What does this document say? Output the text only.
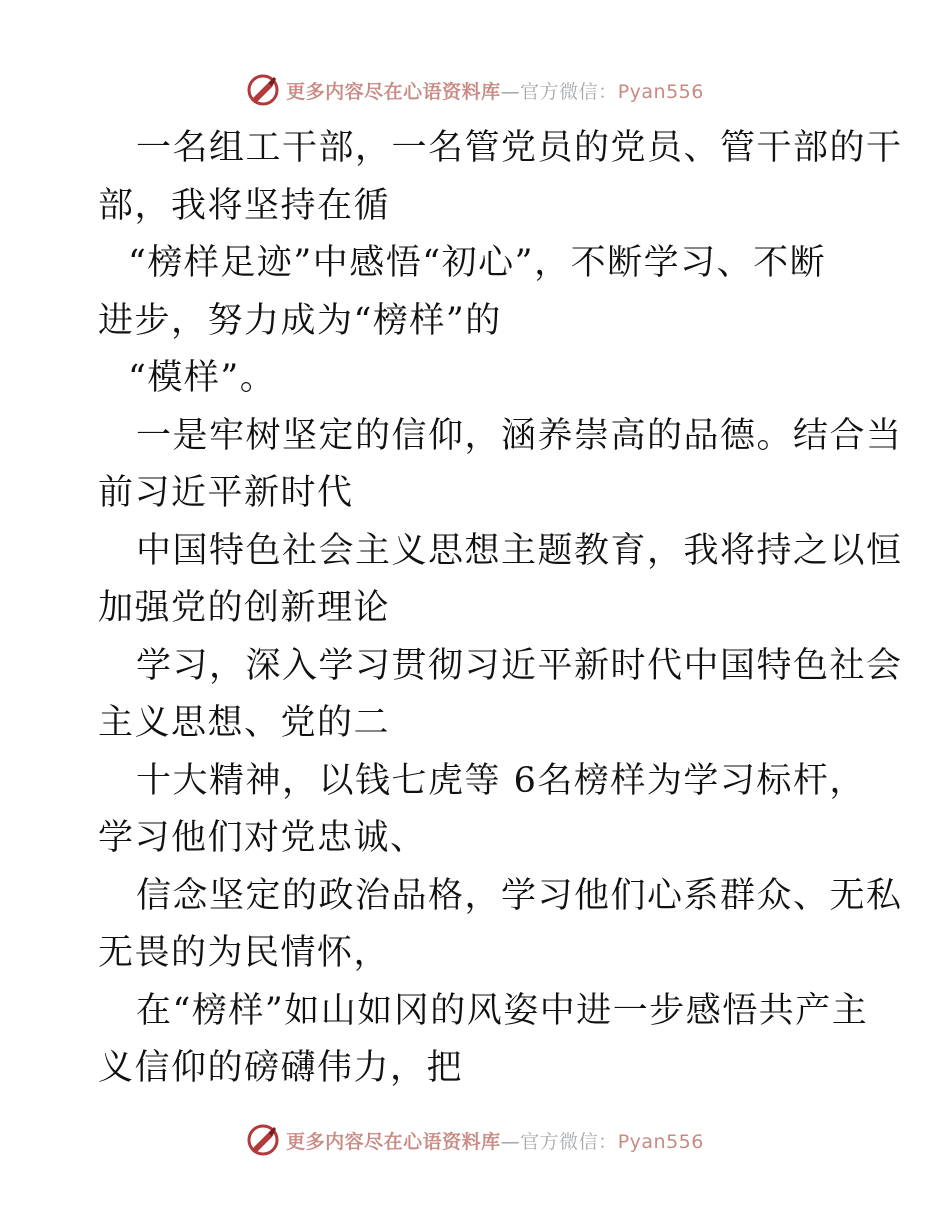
更多内容尽在心语资料库—官方微信：Pyan556
一名组工干部，一名管党员的党员、管干部的干
部，我将坚持在循
“榜样足迹”中感悟“初心”，不断学习、不断
进步，努力成为“榜样”的
“模样”。
一是牢树坚定的信仰，涵养崇高的品德。结合当
前习近平新时代
中国特色社会主义思想主题教育，我将持之以恒
加强党的创新理论
学习，深入学习贯彻习近平新时代中国特色社会
主义思想、党的二
十大精神，以钱七虎等 6名榜样为学习标杆，
学习他们对党忠诚、
信念坚定的政治品格，学习他们心系群众、无私
无畏的为民情怀，
在“榜样”如山如冈的风姿中进一步感悟共产主
义信仰的磅礴伟力，把
更多内容尽在心语资料库—官方微信：Pyan556
